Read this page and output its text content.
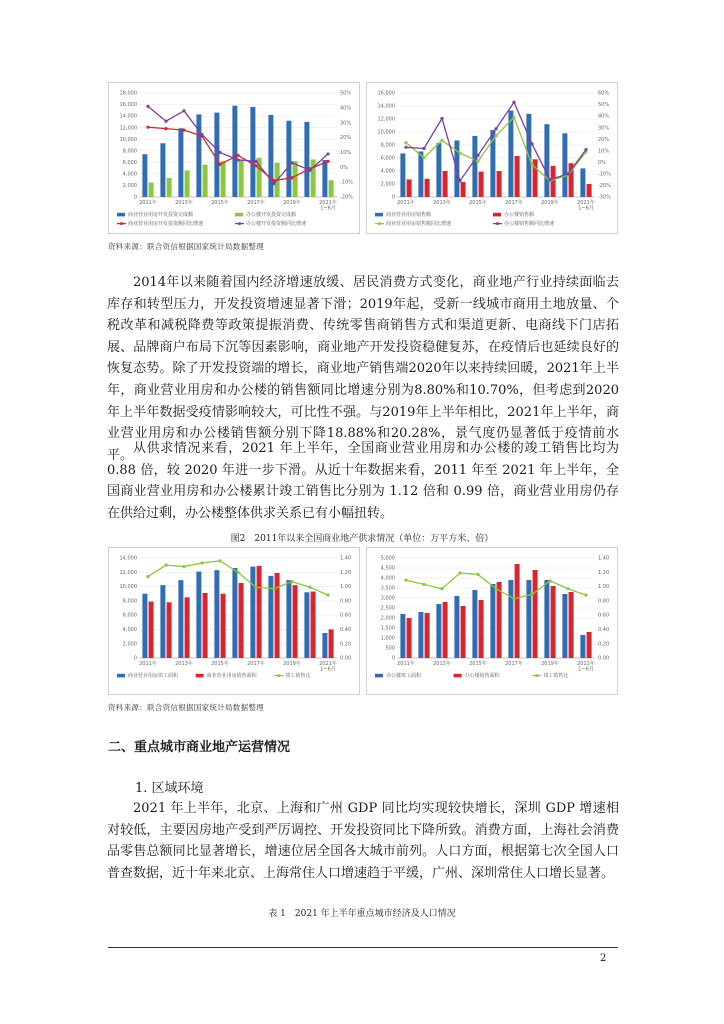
0
2,000
4,000
6,000
8,000
10,000
12,000
14,000
16,000
18,000
-20%
-10%
0%
10%
20%
30%
40%
50%
2011年	2013年	2015年	2017年	2019年	2021年 1~6月
商业营业用房开发投资完成额	办公楼开发投资完成额
商业营业用房开发投资额同比增速	办公楼开发投资额同比增速
0
2,000
4,000
6,000
8,000
10,000
12,000
14,000
16,000
-30%
-20%
-10%
0%
10%
20%
30%
40%
50%
60%
2011年	2013年	2015年	2017年	2019年	2021年 1~6月
商业营业用房销售额	办公楼销售额
商业营业用房销售额同比增速	办公楼销售额同比增速
资料来源：联合资信根据国家统计局数据整理

2014年以来随着国内经济增速放缓、居民消费方式变化，商业地产行业持续面临去库存和转型压力，开发投资增速显著下滑；2019年起，受新一线城市商用土地放量、个税改革和减税降费等政策提振消费、传统零售商销售方式和渠道更新、电商线下门店拓展、品牌商户布局下沉等因素影响，商业地产开发投资稳健复苏，在疫情后也延续良好的恢复态势。除了开发投资端的增长，商业地产销售端2020年以来持续回暖，2021年上半年，商业营业用房和办公楼的销售额同比增速分别为8.80%和10.70%，但考虑到2020年上半年数据受疫情影响较大，可比性不强。与2019年上半年相比，2021年上半年，商业营业用房和办公楼销售额分别下降18.88%和20.28%，景气度仍显著低于疫情前水平。 从供求情况来看，2021 年上半年，全国商业营业用房和办公楼的竣工销售比均为 0.88 倍，较 2020 年进一步下滑。从近十年数据来看，2011 年至 2021 年上半年，全国商业营业用房和办公楼累计竣工销售比分别为 1.12 倍和 0.99 倍，商业营业用房仍存在供给过剩，办公楼整体供求关系已有小幅扭转。

图2　2011年以来全国商业地产供求情况（单位：万平方米、倍）
0
2,000
4,000
6,000
8,000
10,000
12,000
14,000
0.00
0.20
0.40
0.60
0.80
1.00
1.20
1.40
2011年	2013年	2015年	2017年	2019年	2021年 1~6月
商业营业用房竣工面积	商业营业用房销售面积	竣工销售比
0
500
1,000
1,500
2,000
2,500
3,000
3,500
4,000
4,500
5,000
0.00
0.20
0.40
0.60
0.80
1.00
1.20
1.40
2011年	2013年	2015年	2017年	2019年	2021年 1~6月
办公楼竣工面积	办公楼销售面积	竣工销售比
资料来源：联合资信根据国家统计局数据整理
二、重点城市商业地产运营情况
1. 区域环境

2021 年上半年，北京、上海和广州 GDP 同比均实现较快增长，深圳 GDP 增速相对较低，主要因房地产受到严厉调控、开发投资同比下降所致。消费方面，上海社会消费品零售总额同比显著增长，增速位居全国各大城市前列。人口方面，根据第七次全国人口普查数据，近十年来北京、上海常住人口增速趋于平缓，广州、深圳常住人口增长显著。

表 1　2021 年上半年重点城市经济及人口情况
2
